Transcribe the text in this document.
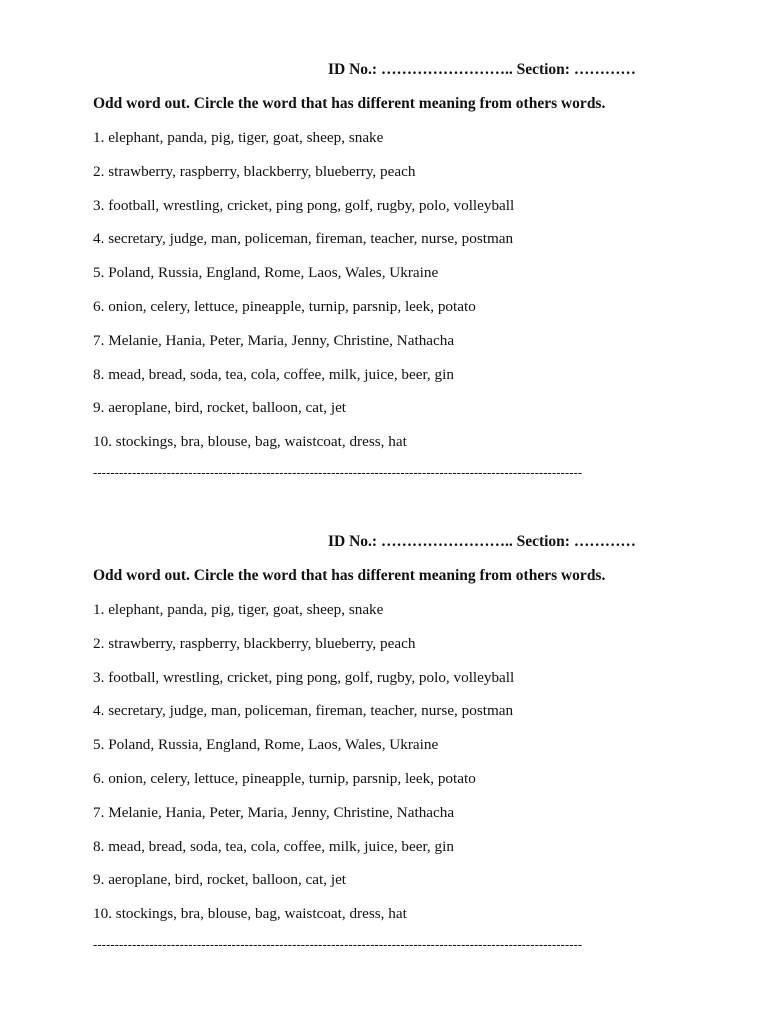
ID No.: …………………….. Section: …………
Odd word out. Circle the word that has different meaning from others words.
1. elephant, panda, pig, tiger, goat, sheep, snake
2. strawberry, raspberry, blackberry, blueberry, peach
3. football, wrestling, cricket, ping pong, golf, rugby, polo, volleyball
4. secretary, judge, man, policeman, fireman, teacher, nurse, postman
5. Poland, Russia, England, Rome, Laos, Wales, Ukraine
6. onion, celery, lettuce, pineapple, turnip, parsnip, leek, potato
7. Melanie, Hania, Peter, Maria, Jenny, Christine, Nathacha
8. mead, bread, soda, tea, cola, coffee, milk, juice, beer, gin
9. aeroplane, bird, rocket, balloon, cat, jet
10. stockings, bra, blouse, bag, waistcoat, dress, hat
-----------------------------------------------------------------------------------------------------------------
ID No.: …………………….. Section: …………
Odd word out. Circle the word that has different meaning from others words.
1. elephant, panda, pig, tiger, goat, sheep, snake
2. strawberry, raspberry, blackberry, blueberry, peach
3. football, wrestling, cricket, ping pong, golf, rugby, polo, volleyball
4. secretary, judge, man, policeman, fireman, teacher, nurse, postman
5. Poland, Russia, England, Rome, Laos, Wales, Ukraine
6. onion, celery, lettuce, pineapple, turnip, parsnip, leek, potato
7. Melanie, Hania, Peter, Maria, Jenny, Christine, Nathacha
8. mead, bread, soda, tea, cola, coffee, milk, juice, beer, gin
9. aeroplane, bird, rocket, balloon, cat, jet
10. stockings, bra, blouse, bag, waistcoat, dress, hat
-----------------------------------------------------------------------------------------------------------------
